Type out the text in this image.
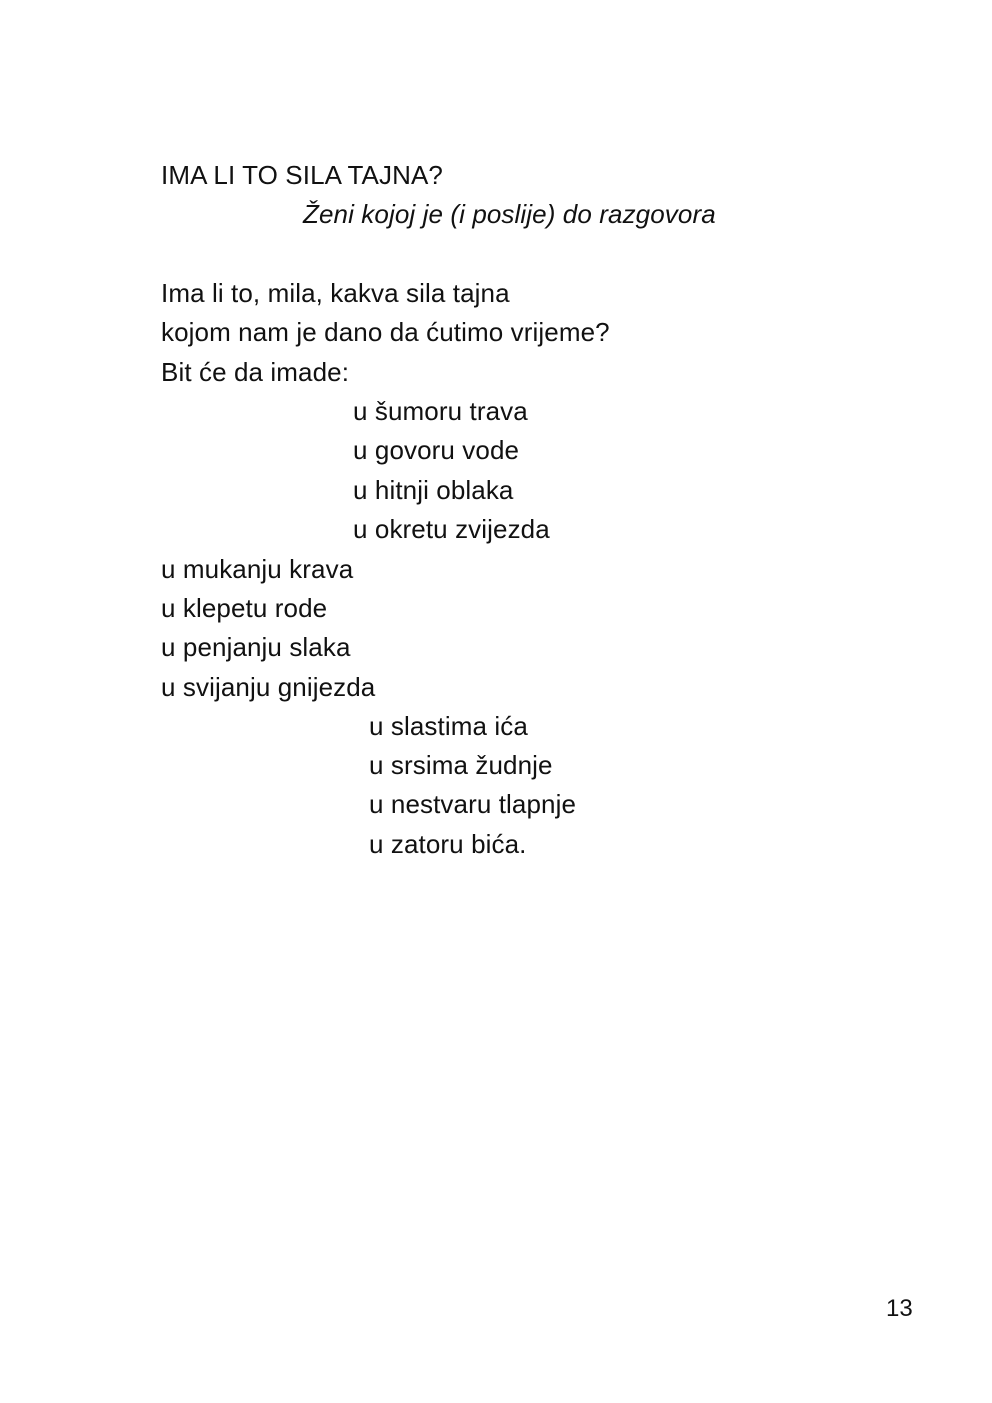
IMA LI TO SILA TAJNA?
Ženi kojoj je (i poslije) do razgovora
Ima li to, mila, kakva sila tajna
kojom nam je dano da ćutimo vrijeme?
Bit će da imade:
u šumoru trava
u govoru vode
u hitnji oblaka
u okretu zvijezda
u mukanju krava
u klepetu rode
u penjanju slaka
u svijanju gnijezda
u slastima ića
u srsima žudnje
u nestvaru tlapnje
u zatoru bića.
13
